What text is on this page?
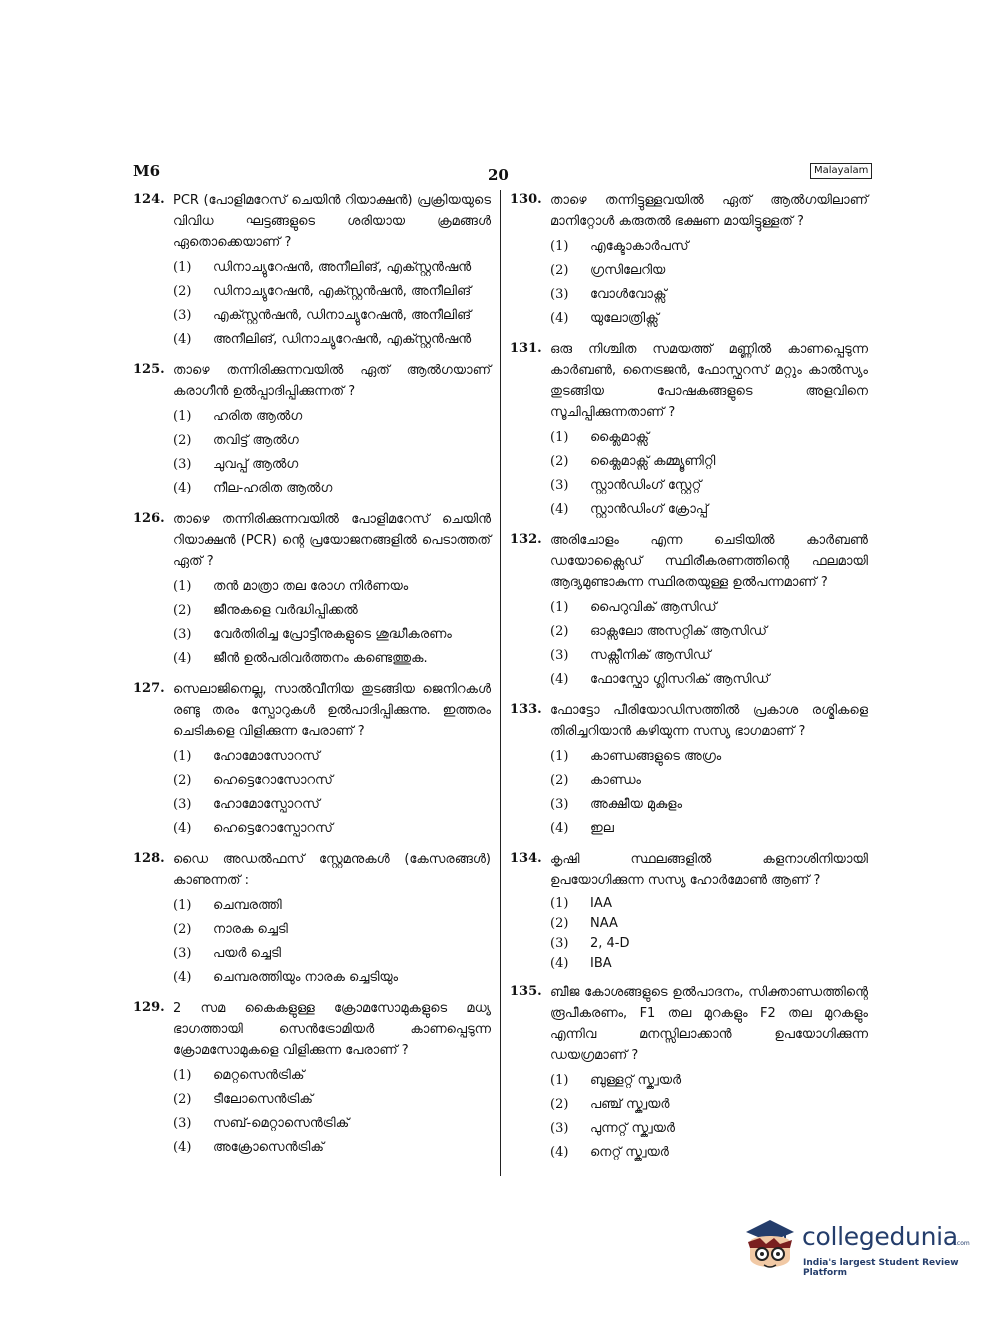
M6	20	Malayalam
124. PCR (പോളിമറേസ് ചെയിൻ റിയാക്ഷൻ) പ്രക്രിയയുടെ വിവിധ ഘട്ടങ്ങളുടെ ശരിയായ ക്രമങ്ങൾ ഏതൊക്കെയാണ് ?
(1)	ഡിനാച്യുറേഷൻ, അനീലിങ്, എക്സ്റ്റൻഷൻ
(2)	ഡിനാച്യുറേഷൻ, എക്സ്റ്റൻഷൻ, അനീലിങ്
(3)	എക്സ്റ്റൻഷൻ, ഡിനാച്യുറേഷൻ, അനീലിങ്
(4)	അനീലിങ്, ഡിനാച്യുറേഷൻ, എക്സ്റ്റൻഷൻ
125. താഴെ തന്നിരിക്കുന്നവയിൽ ഏത് ആൽഗയാണ് കരാഗീൻ ഉൽപ്പാദിപ്പിക്കുന്നത് ?
(1)	ഹരിത ആൽഗ
(2)	തവിട്ട് ആൽഗ
(3)	ചുവപ്പ് ആൽഗ
(4)	നീല-ഹരിത ആൽഗ
126. താഴെ തന്നിരിക്കുന്നവയിൽ പോളിമറേസ് ചെയിൻ റിയാക്ഷൻ (PCR) ന്റെ പ്രയോജനങ്ങളിൽ പെടാത്തത് ഏത് ?
(1)	തൻ മാത്രാ തല രോഗ നിർണയം
(2)	ജീനുകളെ വർദ്ധിപ്പിക്കൽ
(3)	വേർതിരിച്ച പ്രോട്ടീനുകളുടെ ശുദ്ധീകരണം
(4)	ജീൻ ഉൽപരിവർത്തനം കണ്ടെത്തുക.
127. സെലാജിനെല്ല, സാൽവീനിയ തുടങ്ങിയ ജെനിറകൾ രണ്ടു തരം സ്പോറുകൾ ഉൽപാദിപ്പിക്കുന്നു. ഇത്തരം ചെടികളെ വിളിക്കുന്ന പേരാണ് ?
(1)	ഹോമോസോറസ്
(2)	ഹെട്ടെറോസോറസ്
(3)	ഹോമോസ്പോറസ്
(4)	ഹെട്ടെറോസ്പോറസ്
128. ഡൈ അഡൽഫസ് സ്റ്റേമനുകൾ (കേസരങ്ങൾ) കാണുന്നത് :
(1)	ചെമ്പരത്തി
(2)	നാരക ച്ചെടി
(3)	പയർ ച്ചെടി
(4)	ചെമ്പരത്തിയും നാരക ച്ചെടിയും
129. 2 സമ കൈകളുള്ള ക്രോമസോമുകളുടെ മധ്യ ഭാഗത്തായി സെൻട്രോമിയർ കാണപ്പെടുന്ന ക്രോമസോമുകളെ വിളിക്കുന്ന പേരാണ് ?
(1)	മെറ്റസെൻട്രിക്
(2)	ടീലോസെൻട്രിക്
(3)	സബ്-മെറ്റാസെൻട്രിക്
(4)	അക്രോസെൻട്രിക്
130. താഴെ തന്നിട്ടുള്ളവയിൽ ഏത് ആൽഗയിലാണ് മാനിറ്റോൾ കരുതൽ ഭക്ഷണ മായിട്ടുള്ളത് ?
(1)	എക്ടോകാർപസ്
(2)	ഗ്രസിലേറിയ
(3)	വോൾവോക്സ്
(4)	യുലോത്രിക്സ്
131. ഒരു നിശ്ചിത സമയത്ത് മണ്ണിൽ കാണപ്പെടുന്ന കാർബൺ, നൈട്രജൻ, ഫോസ്ഫറസ് മറ്റും കാൽസ്യം തുടങ്ങിയ പോഷകങ്ങളുടെ അളവിനെ സൂചിപ്പിക്കുന്നതാണ് ?
(1)	ക്ലൈമാക്സ്
(2)	ക്ലൈമാക്സ് കമ്മ്യൂണിറ്റി
(3)	സ്റ്റാൻഡിംഗ് സ്റ്റേറ്റ്
(4)	സ്റ്റാൻഡിംഗ് ക്രോപ്പ്
132. അരിചോളം എന്ന ചെടിയിൽ കാർബൺ ഡയോക്സൈഡ് സ്ഥിരീകരണത്തിന്റെ ഫലമായി ആദ്യമുണ്ടാകുന്ന സ്ഥിരതയുള്ള ഉൽപന്നമാണ് ?
(1)	പൈറുവിക് ആസിഡ്
(2)	ഓക്സലോ അസറ്റിക് ആസിഡ്
(3)	സക്സീനിക് ആസിഡ്
(4)	ഫോസ്ഫോ ഗ്ലിസറിക് ആസിഡ്
133. ഫോട്ടോ പീരിയോഡിസത്തിൽ പ്രകാശ രശ്മികളെ തിരിച്ചറിയാൻ കഴിയുന്ന സസ്യ ഭാഗമാണ് ?
(1)	കാണ്ഡങ്ങളുടെ അഗ്രം
(2)	കാണ്ഡം
(3)	അക്ഷീയ മുകുളം
(4)	ഇല
134. കൃഷി സ്ഥലങ്ങളിൽ കളനാശിനിയായി ഉപയോഗിക്കുന്ന സസ്യ ഹോർമോൺ ആണ് ?
(1)	IAA
(2)	NAA
(3)	2, 4-D
(4)	IBA
135. ബീജ കോശങ്ങളുടെ ഉൽപാദനം, സിക്താണ്ഡത്തിന്റെ രൂപീകരണം, F1 തല മുറകളും F2 തല മുറകളും എന്നിവ മനസ്സിലാക്കാൻ ഉപയോഗിക്കുന്ന ഡയഗ്രമാണ് ?
(1)	ബുള്ളറ്റ് സ്ക്വയർ
(2)	പഞ്ച് സ്ക്വയർ
(3)	പുന്നറ്റ് സ്ക്വയർ
(4)	നെറ്റ് സ്ക്വയർ
collegedunia
.com
India's largest Student Review Platform
